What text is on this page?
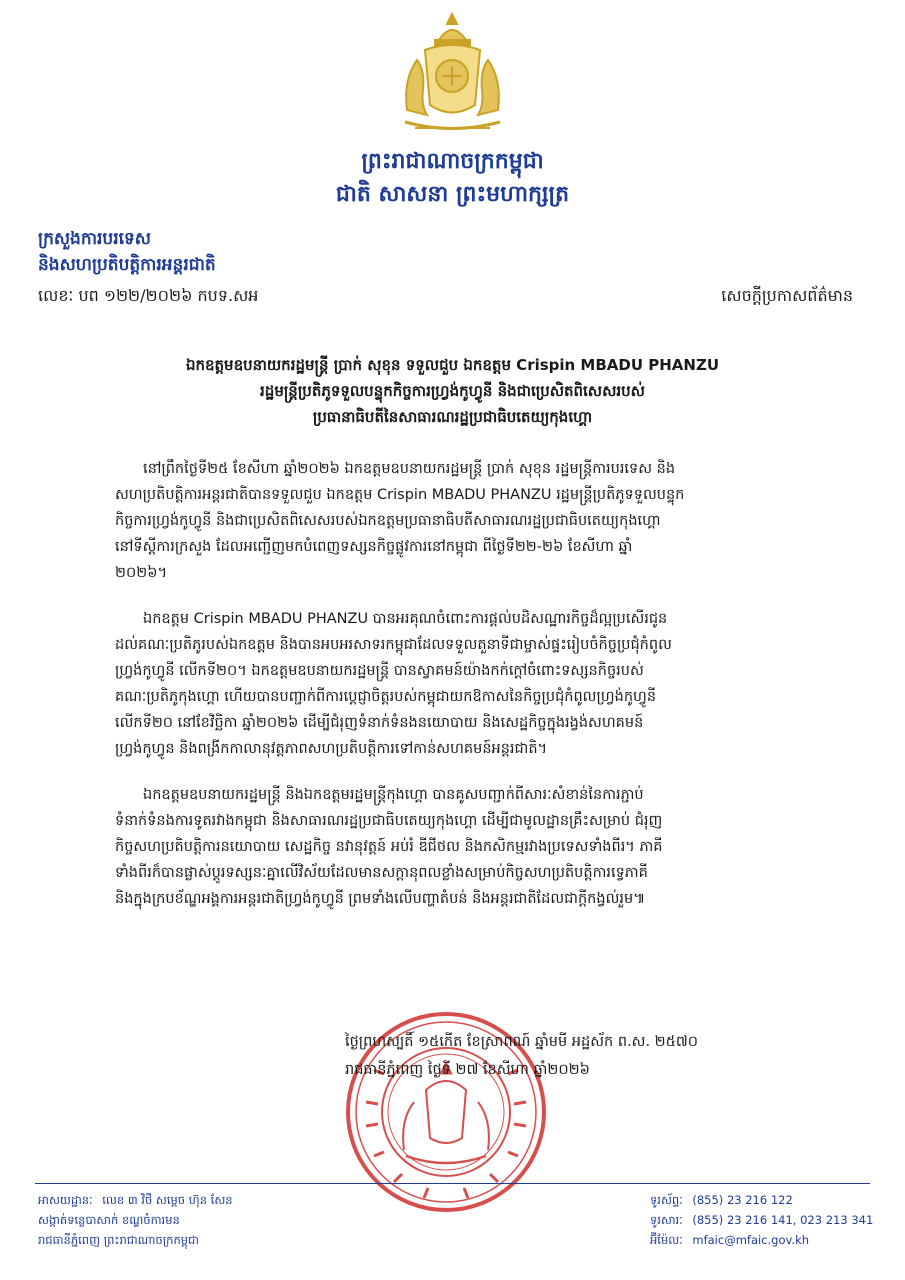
ព្រះរាជាណាចក្រកម្ពុជា
ជាតិ សាសនា ព្រះមហាក្សត្រ
ក្រសួងការបរទេស
និងសហប្រតិបត្តិការអន្តរជាតិ
លេខៈ បព ១២២/២០២៦ កបទ.សអ	សេចក្តីប្រកាសព័ត៌មាន
ឯកឧត្តមឧបនាយករដ្ឋមន្ត្រី ប្រាក់ សុខុន ទទួលជួប ឯកឧត្តម Crispin MBADU PHANZU
រដ្ឋមន្ត្រីប្រតិភូទទួលបន្ទុកកិច្ចការហ្វ្រង់កូហ្វូនី និងជាប្រេសិតពិសេសរបស់
ប្រធានាធិបតីនៃសាធារណរដ្ឋប្រជាធិបតេយ្យកុងហ្គោ
នៅព្រឹកថ្ងៃទី២៥ ខែសីហា ឆ្នាំ២០២៦ ឯកឧត្តមឧបនាយករដ្ឋមន្ត្រី ប្រាក់ សុខុន រដ្ឋមន្ត្រីការបរទេស និង
សហប្រតិបត្តិការអន្តរជាតិបានទទួលជួប ឯកឧត្តម Crispin MBADU PHANZU រដ្ឋមន្ត្រីប្រតិភូទទួលបន្ទុក
កិច្ចការហ្វ្រង់កូហ្វូនី និងជាប្រេសិតពិសេសរបស់ឯកឧត្តមប្រធានាធិបតីសាធារណរដ្ឋប្រជាធិបតេយ្យកុងហ្គោ
នៅទីស្តីការក្រសួង ដែលអញ្ជើញមកបំពេញទស្សនកិច្ចផ្លូវការនៅកម្ពុជា ពីថ្ងៃទី២២-២៦ ខែសីហា ឆ្នាំ
២០២៦។
ឯកឧត្តម Crispin MBADU PHANZU បានអរគុណចំពោះការផ្តល់បដិសណ្ឋារកិច្ចដ៏ល្អប្រសើរជូន
ដល់គណៈប្រតិភូរបស់ឯកឧត្តម និងបានអបអរសាទរកម្ពុជាដែលទទួលតួនាទីជាម្ចាស់ផ្ទះរៀបចំកិច្ចប្រជុំកំពូល
ហ្វ្រង់កូហ្វូនី លើកទី២០។ ឯកឧត្តមឧបនាយករដ្ឋមន្ត្រី បានស្វាគមន៍យ៉ាងកក់ក្តៅចំពោះទស្សនកិច្ចរបស់
គណៈប្រតិភូកុងហ្គោ ហើយបានបញ្ជាក់ពីការប្តេជ្ញាចិត្តរបស់កម្ពុជាយកឱកាសនៃកិច្ចប្រជុំកំពូលហ្វ្រង់កូហ្វូនី
លើកទី២០ នៅខែវិច្ឆិកា ឆ្នាំ២០២៦ ដើម្បីជំរុញទំនាក់ទំនងនយោបាយ និងសេដ្ឋកិច្ចក្នុងរង្វង់សហគមន៍
ហ្វ្រង់កូហ្វូន និងពង្រីកកាលានុវត្តភាពសហប្រតិបត្តិការទៅកាន់សហគមន៍អន្តរជាតិ។
ឯកឧត្តមឧបនាយករដ្ឋមន្ត្រី និងឯកឧត្តមរដ្ឋមន្ត្រីកុងហ្គោ បានគូសបញ្ជាក់ពីសារៈសំខាន់នៃការភ្ជាប់
ទំនាក់ទំនងការទូតរវាងកម្ពុជា និងសាធារណរដ្ឋប្រជាធិបតេយ្យកុងហ្គោ ដើម្បីជាមូលដ្ឋានគ្រឹះសម្រាប់ ជំរុញ
កិច្ចសហប្រតិបត្តិការនយោបាយ សេដ្ឋកិច្ច នវានុវត្តន៍ អប់រំ ឌីជីថល និងកសិកម្មរវាងប្រទេសទាំងពីរ។ ភាគី
ទាំងពីរក៏បានផ្លាស់ប្តូរទស្សនៈគ្នាលើវិស័យដែលមានសក្តានុពលខ្លាំងសម្រាប់កិច្ចសហប្រតិបត្តិការទ្វេភាគី
និងក្នុងក្របខ័ណ្ឌអង្គការអន្តរជាតិហ្វ្រង់កូហ្វូនី ព្រមទាំងលើបញ្ហាតំបន់ និងអន្តរជាតិដែលជាក្តីកង្វល់រួម៕
ថ្ងៃព្រហស្បតិ៍ ១៥កើត ខែស្រាពណ៍ ឆ្នាំមមី អដ្ឋស័ក ព.ស. ២៥៧០
រាជធានីភ្នំពេញ ថ្ងៃទី ២៧ ខែសីហា ឆ្នាំ២០២៦
អាសយដ្ឋានៈ លេខ ៣ វិថី សម្តេច ហ៊ុន សែន
សង្កាត់ទន្លេបាសាក់ ខណ្ឌចំការមន
រាជធានីភ្នំពេញ ព្រះរាជាណាចក្រកម្ពុជា
ទូរស័ព្ទៈ (855) 23 216 122
ទូរសារៈ (855) 23 216 141, 023 213 341
អ៊ីម៉ែលៈ mfaic@mfaic.gov.kh
